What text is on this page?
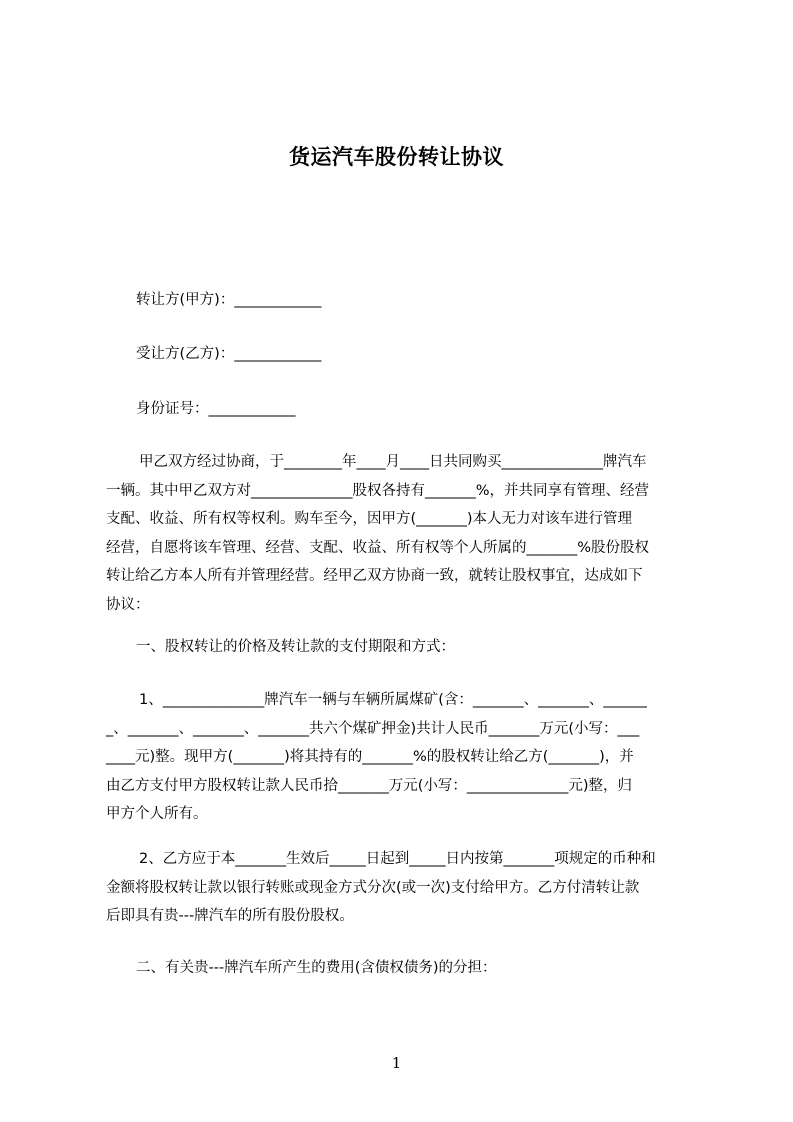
货运汽车股份转让协议
转让方(甲方)：____________
受让方(乙方)：____________
身份证号：____________
甲乙双方经过协商，于________年____月____日共同购买______________牌汽车
一辆。其中甲乙双方对______________股权各持有_______%，并共同享有管理、经营
支配、收益、所有权等权利。购车至今，因甲方(_______)本人无力对该车进行管理
经营，自愿将该车管理、经营、支配、收益、所有权等个人所属的_______%股份股权
转让给乙方本人所有并管理经营。经甲乙双方协商一致，就转让股权事宜，达成如下
协议：
一、股权转让的价格及转让款的支付期限和方式：
1、______________牌汽车一辆与车辆所属煤矿(含：_______、_______、______
_、_______、_______、_______共六个煤矿押金)共计人民币_______万元(小写：___
____元)整。现甲方(_______)将其持有的_______%的股权转让给乙方(_______)，并
由乙方支付甲方股权转让款人民币拾_______万元(小写：______________元)整，归
甲方个人所有。
2、乙方应于本_______生效后_____日起到_____日内按第_______项规定的币种和
金额将股权转让款以银行转账或现金方式分次(或一次)支付给甲方。乙方付清转让款
后即具有贵---牌汽车的所有股份股权。
二、有关贵---牌汽车所产生的费用(含债权债务)的分担：
1
